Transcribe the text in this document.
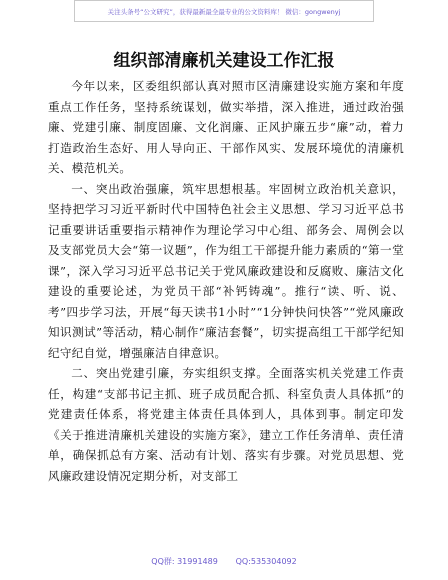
关注头条号“公文研究”，获得最新最全最专业的公文资料库！ 微信：gongwenyj
组织部清廉机关建设工作汇报

今年以来，区委组织部认真对照市区清廉建设实施方案和年度重点工作任务，坚持系统谋划，做实举措，深入推进，通过政治强廉、党建引廉、制度固廉、文化润廉、正风护廉五步“廉”动，着力打造政治生态好、用人导向正、干部作风实、发展环境优的清廉机关、模范机关。

一、突出政治强廉，筑牢思想根基。牢固树立政治机关意识，坚持把学习习近平新时代中国特色社会主义思想、学习习近平总书记重要讲话重要指示精神作为理论学习中心组、部务会、周例会以及支部党员大会“第一议题”，作为组工干部提升能力素质的“第一堂课”，深入学习习近平总书记关于党风廉政建设和反腐败、廉洁文化建设的重要论述，为党员干部“补钙铸魂”。推行“读、听、说、考”四步学习法，开展“每天读书1小时”“1分钟快问快答”“党风廉政知识测试”等活动，精心制作“廉洁套餐”，切实提高组工干部学纪知纪守纪自觉，增强廉洁自律意识。

二、突出党建引廉，夯实组织支撑。全面落实机关党建工作责任，构建“支部书记主抓、班子成员配合抓、科室负责人具体抓”的党建责任体系，将党建主体责任具体到人，具体到事。制定印发《关于推进清廉机关建设的实施方案》，建立工作任务清单、责任清单，确保抓总有方案、活动有计划、落实有步骤。对党员思想、党风廉政建设情况定期分析，对支部工

QQ群: 31991489       QQ:535304092
